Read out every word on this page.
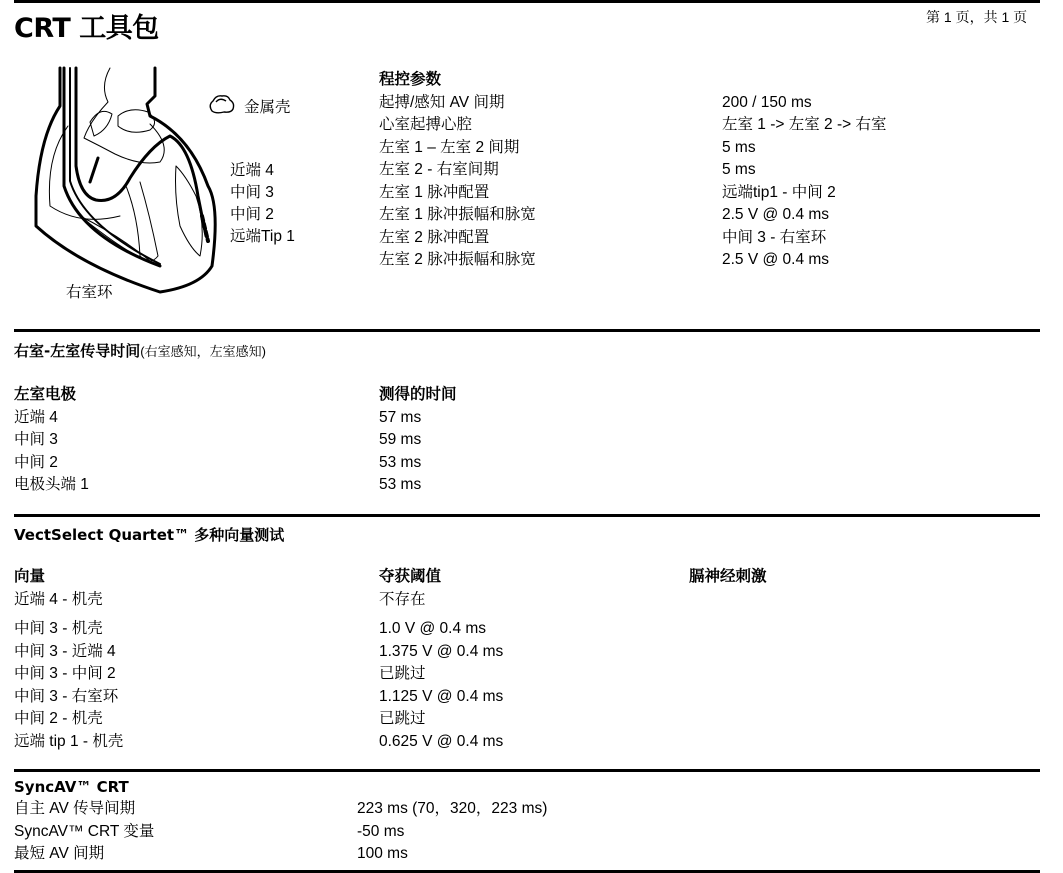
CRT 工具包	第 1 页，共 1 页
金属壳
近端 4
中间 3
中间 2
远端Tip 1
右室环
程控参数
起搏/感知 AV 间期
心室起搏心腔
左室 1 – 左室 2 间期
左室 2 - 右室间期
左室 1 脉冲配置
左室 1 脉冲振幅和脉宽
左室 2 脉冲配置
左室 2 脉冲振幅和脉宽
200 / 150 ms
左室 1 -> 左室 2 -> 右室
5 ms
5 ms
远端tip1 - 中间 2
2.5 V @ 0.4 ms
中间 3 - 右室环
2.5 V @ 0.4 ms
右室-左室传导时间(右室感知，左室感知)
左室电极
近端 4
中间 3
中间 2
电极头端 1
测得的时间
57 ms
59 ms
53 ms
53 ms
VectSelect Quartet™ 多种向量测试
向量
近端 4 - 机壳
中间 3 - 机壳
中间 3 - 近端 4
中间 3 - 中间 2
中间 3 - 右室环
中间 2 - 机壳
远端 tip 1 - 机壳
夺获阈值
不存在
1.0 V @ 0.4 ms
1.375 V @ 0.4 ms
已跳过
1.125 V @ 0.4 ms
已跳过
0.625 V @ 0.4 ms
膈神经刺激
SyncAV™ CRT
自主 AV 传导间期
SyncAV™ CRT 变量
最短 AV 间期
223 ms (70，320，223 ms)
-50 ms
100 ms
